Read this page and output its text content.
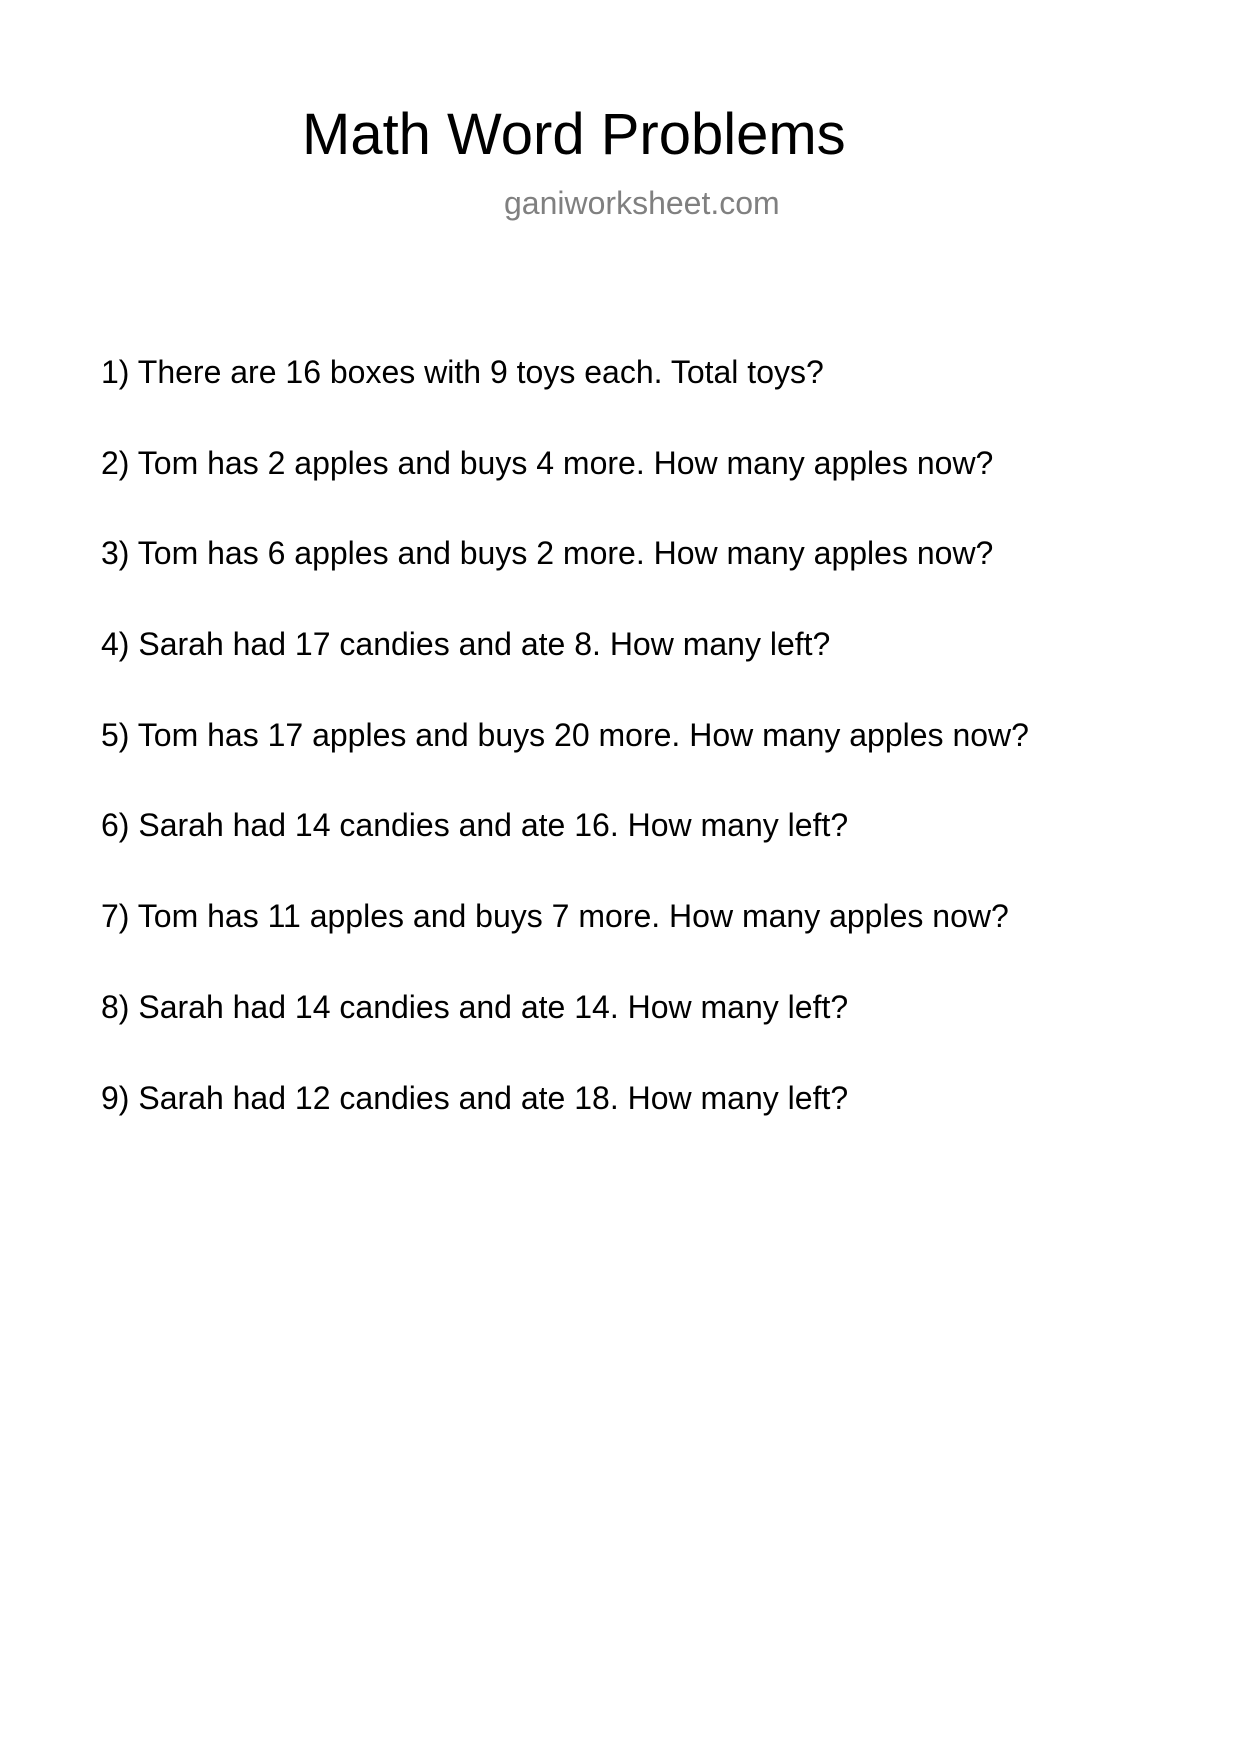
Math Word Problems
ganiworksheet.com
1) There are 16 boxes with 9 toys each. Total toys?
2) Tom has 2 apples and buys 4 more. How many apples now?
3) Tom has 6 apples and buys 2 more. How many apples now?
4) Sarah had 17 candies and ate 8. How many left?
5) Tom has 17 apples and buys 20 more. How many apples now?
6) Sarah had 14 candies and ate 16. How many left?
7) Tom has 11 apples and buys 7 more. How many apples now?
8) Sarah had 14 candies and ate 14. How many left?
9) Sarah had 12 candies and ate 18. How many left?
